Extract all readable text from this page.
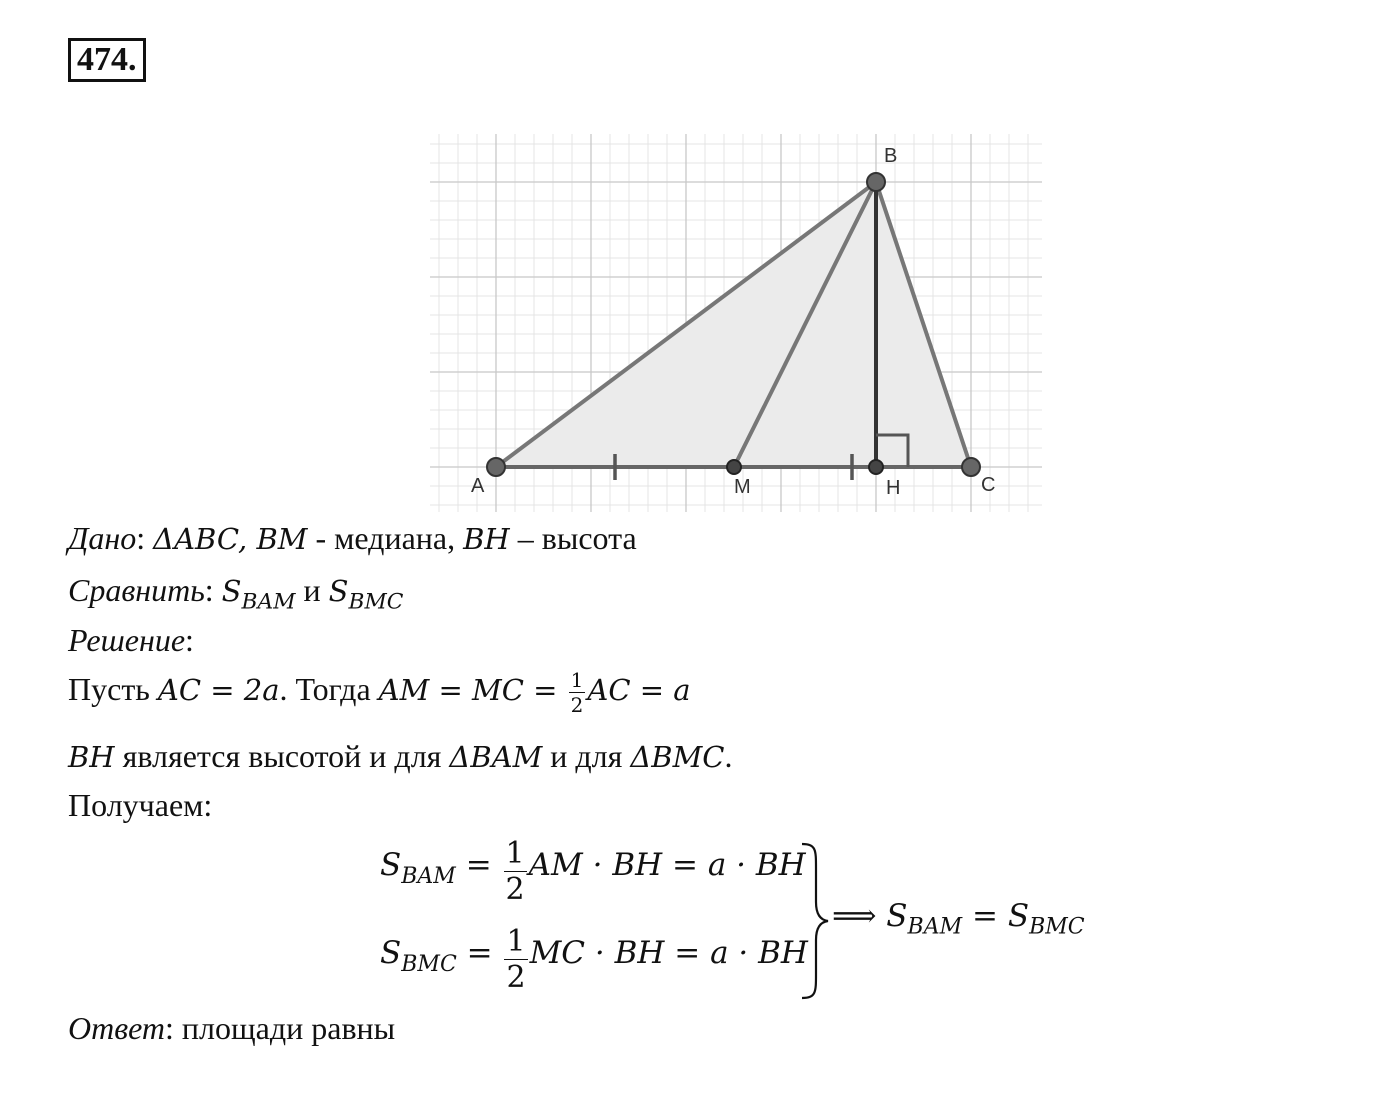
474.
A
B
C
M	H
Дано: ΔABC, BM - медиана, BH – высота
Сравнить: $S_{BAM}$ и $S_{BMC}$
Решение:
Пусть AC = 2a. Тогда AM = MC = $\frac{1}{2}$ AC = a
BH является высотой и для ΔBAM и для ΔBMC.
Получаем:
SBAM = $\frac{1}{2}$ AM · BH = a · BH
SBMC = $\frac{1}{2}$ MC · BH = a · BH
⟹ SBAM = SBMC
Ответ: площади равны
